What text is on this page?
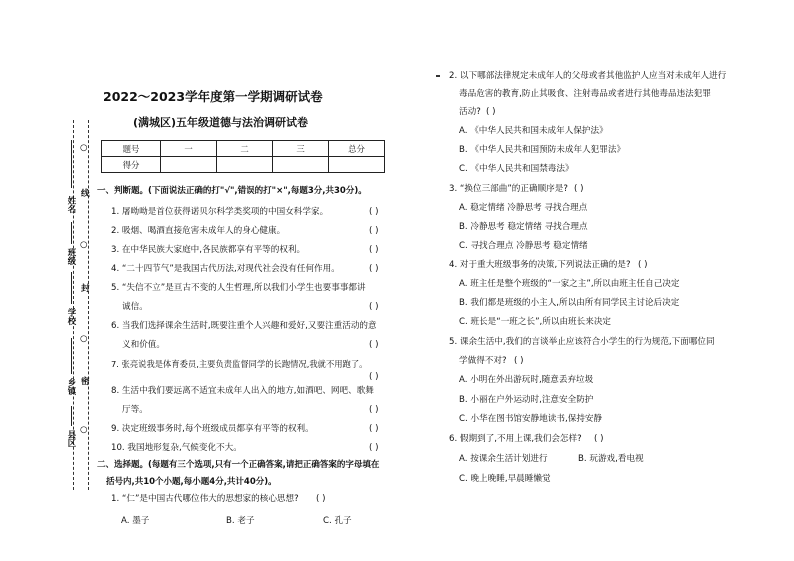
姓名
班级
学校
乡镇
县区
线
封
密
○
○
○
○
2022～2023学年度第一学期调研试卷
(满城区)五年级道德与法治调研试卷
题号	一	二	三	总分
得分				
一、判断题。(下面说法正确的打"√",错误的打"×",每题3分,共30分)。
1. 屠呦呦是首位获得诺贝尔科学类奖项的中国女科学家。	( )
2. 吸烟、喝酒直接危害未成年人的身心健康。	( )
3. 在中华民族大家庭中,各民族都享有平等的权利。	( )
4. “二十四节气”是我国古代历法,对现代社会没有任何作用。	( )
5. “失信不立”是亘古不变的人生哲理,所以我们小学生也要事事都讲
诚信。	( )
6. 当我们选择课余生活时,既要注重个人兴趣和爱好,又要注重活动的意
义和价值。	( )
7. 张亮说我是体育委员,主要负责监督同学的长跑情况,我就不用跑了。
( )
8. 生活中我们要远离不适宜未成年人出入的地方,如酒吧、网吧、歌舞
厅等。	( )
9. 决定班级事务时,每个班级成员都享有平等的权利。	( )
10. 我国地形复杂,气候变化不大。	( )
二、选择题。(每题有三个选项,只有一个正确答案,请把正确答案的字母填在
括号内,共10个小题,每小题4分,共计40分)。
1. “仁”是中国古代哪位伟大的思想家的核心思想? ( )
A. 墨子	B. 老子	C. 孔子
2. 以下哪部法律规定未成年人的父母或者其他监护人应当对未成年人进行
毒品危害的教育,防止其吸食、注射毒品或者进行其他毒品违法犯罪
活动? ( )
A. 《中华人民共和国未成年人保护法》
B. 《中华人民共和国预防未成年人犯罪法》
C. 《中华人民共和国禁毒法》
3. “换位三部曲”的正确顺序是? ( )
A. 稳定情绪 冷静思考 寻找合理点
B. 冷静思考 稳定情绪 寻找合理点
C. 寻找合理点 冷静思考 稳定情绪
4. 对于重大班级事务的决策,下列说法正确的是? ( )
A. 班主任是整个班级的“一家之主”,所以由班主任自己决定
B. 我们都是班级的小主人,所以由所有同学民主讨论后决定
C. 班长是“一班之长”,所以由班长来决定
5. 课余生活中,我们的言谈举止应该符合小学生的行为规范,下面哪位同
学做得不对? ( )
A. 小明在外出游玩时,随意丢弃垃圾
B. 小丽在户外运动时,注意安全防护
C. 小华在图书馆安静地读书,保持安静
6. 假期到了,不用上课,我们会怎样? ( )
A. 按课余生活计划进行	B. 玩游戏,看电视
C. 晚上晚睡,早晨睡懒觉
